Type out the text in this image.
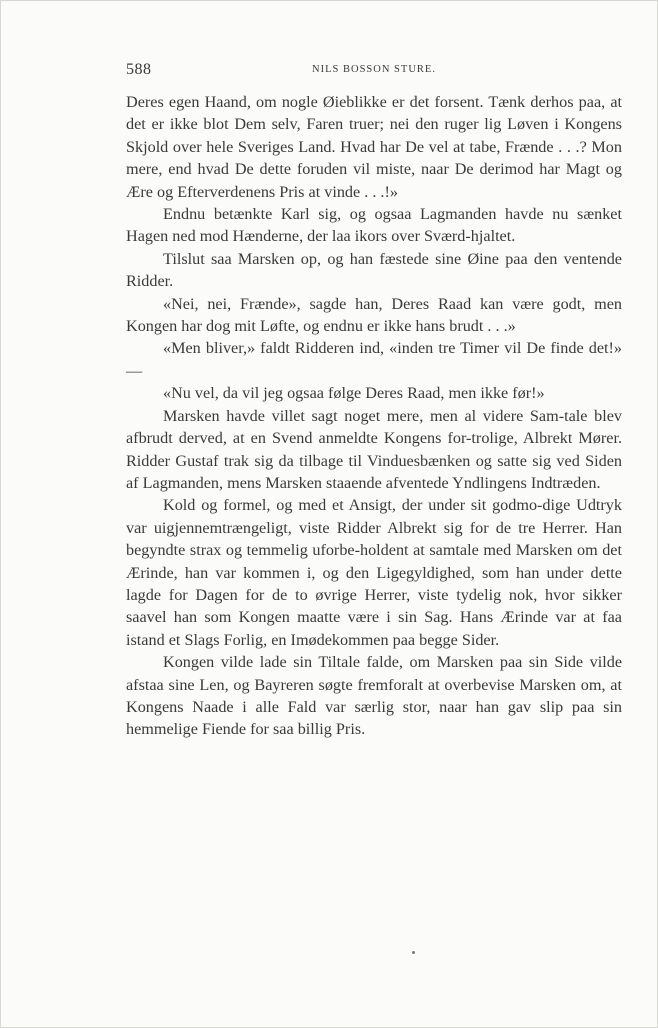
588	NILS BOSSON STURE.

Deres egen Haand, om nogle Øieblikke er det forsent. Tænk derhos paa, at det er ikke blot Dem selv, Faren truer; nei den ruger lig Løven i Kongens Skjold over hele Sveriges Land. Hvad har De vel at tabe, Frænde . . .? Mon mere, end hvad De dette foruden vil miste, naar De derimod har Magt og Ære og Efterverdenens Pris at vinde . . .!»

Endnu betænkte Karl sig, og ogsaa Lagmanden havde nu sænket Hagen ned mod Hænderne, der laa ikors over Sværd-hjaltet.

Tilslut saa Marsken op, og han fæstede sine Øine paa den ventende Ridder.

«Nei, nei, Frænde», sagde han, Deres Raad kan være godt, men Kongen har dog mit Løfte, og endnu er ikke hans brudt . . .»

«Men bliver,» faldt Ridderen ind, «inden tre Timer vil De finde det!» —

«Nu vel, da vil jeg ogsaa følge Deres Raad, men ikke før!»

Marsken havde villet sagt noget mere, men al videre Sam-tale blev afbrudt derved, at en Svend anmeldte Kongens for-trolige, Albrekt Mører. Ridder Gustaf trak sig da tilbage til Vinduesbænken og satte sig ved Siden af Lagmanden, mens Marsken staaende afventede Yndlingens Indtræden.

Kold og formel, og med et Ansigt, der under sit godmo-dige Udtryk var uigjennemtrængeligt, viste Ridder Albrekt sig for de tre Herrer. Han begyndte strax og temmelig uforbe-holdent at samtale med Marsken om det Ærinde, han var kommen i, og den Ligegyldighed, som han under dette lagde for Dagen for de to øvrige Herrer, viste tydelig nok, hvor sikker saavel han som Kongen maatte være i sin Sag. Hans Ærinde var at faa istand et Slags Forlig, en Imødekommen paa begge Sider.

Kongen vilde lade sin Tiltale falde, om Marsken paa sin Side vilde afstaa sine Len, og Bayreren søgte fremforalt at overbevise Marsken om, at Kongens Naade i alle Fald var særlig stor, naar han gav slip paa sin hemmelige Fiende for saa billig Pris.
